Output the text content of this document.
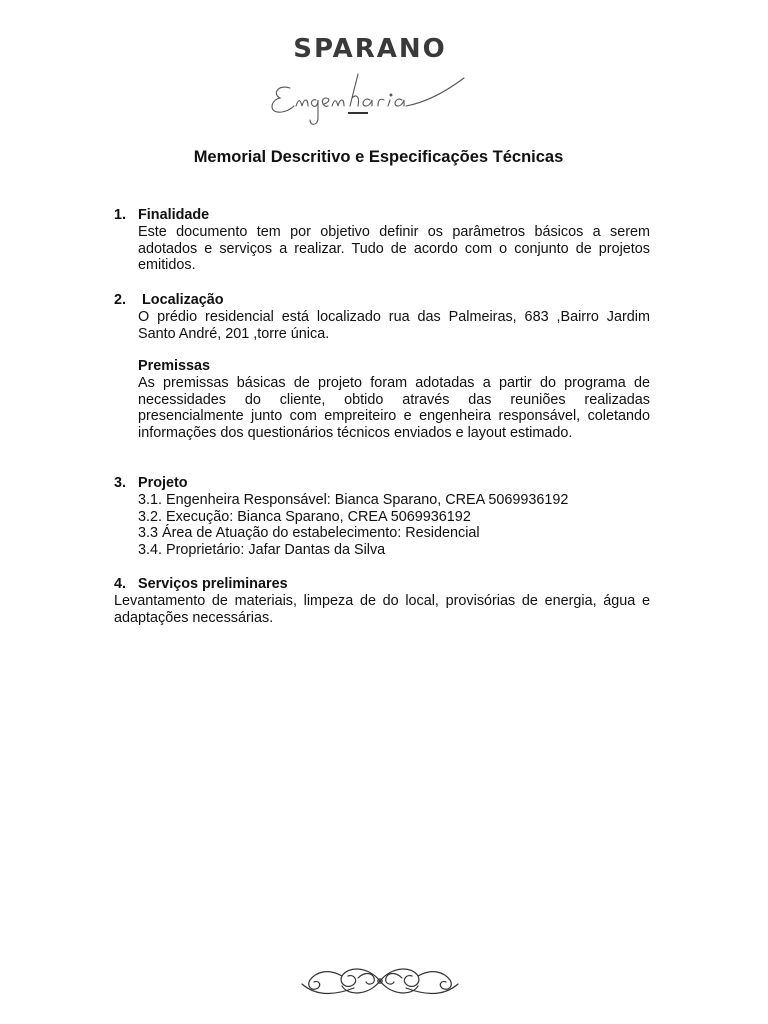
SPARANO
Memorial Descritivo e Especificações Técnicas
1. Finalidade
Este documento tem por objetivo definir os parâmetros básicos a serem adotados e serviços a realizar. Tudo de acordo com o conjunto de projetos emitidos.
2. Localização
O prédio residencial está localizado rua das Palmeiras, 683 ,Bairro Jardim Santo André, 201 ,torre única.
Premissas
As premissas básicas de projeto foram adotadas a partir do programa de necessidades do cliente, obtido através das reuniões realizadas presencialmente junto com empreiteiro e engenheira responsável, coletando informações dos questionários técnicos enviados e layout estimado.
3. Projeto
3.1. Engenheira Responsável: Bianca Sparano, CREA 5069936192
3.2. Execução: Bianca Sparano, CREA 5069936192
3.3 Área de Atuação do estabelecimento: Residencial
3.4. Proprietário: Jafar Dantas da Silva
4. Serviços preliminares
Levantamento de materiais, limpeza de do local, provisórias de energia, água e adaptações necessárias.
